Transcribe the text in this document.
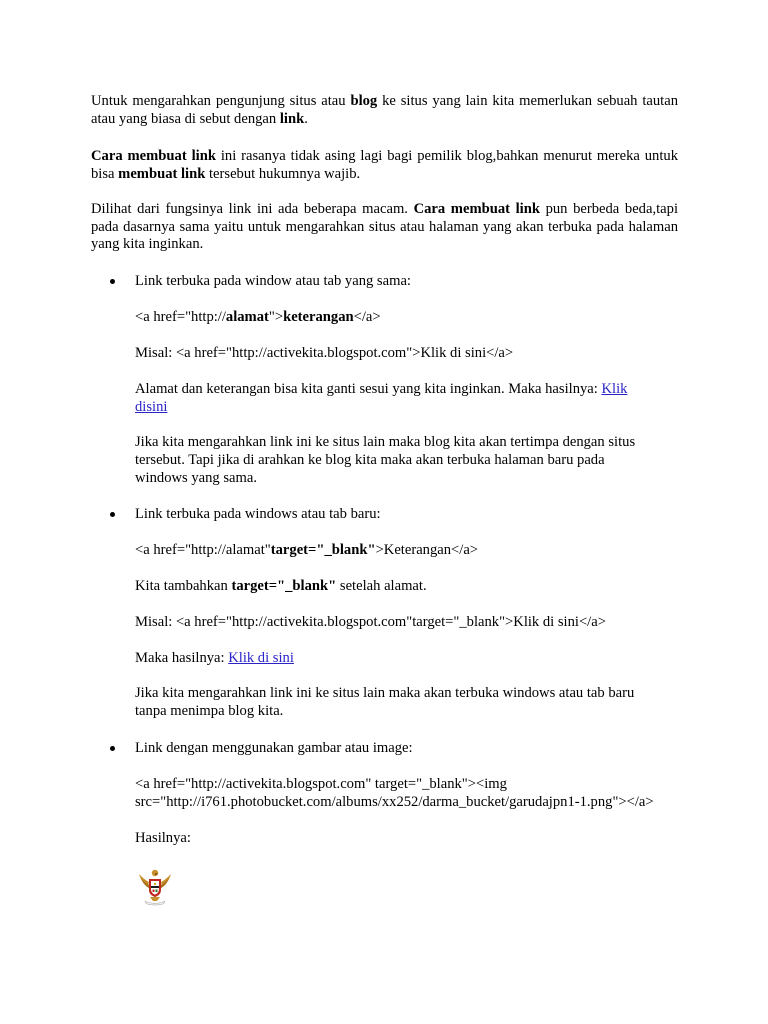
Untuk mengarahkan pengunjung situs atau blog ke situs yang lain kita memerlukan sebuah tautan atau yang biasa di sebut dengan link.

Cara membuat link ini rasanya tidak asing lagi bagi pemilik blog,bahkan menurut mereka untuk bisa membuat link tersebut hukumnya wajib.

Dilihat dari fungsinya link ini ada beberapa macam. Cara membuat link pun berbeda beda,tapi pada dasarnya sama yaitu untuk mengarahkan situs atau halaman yang akan terbuka pada halaman yang kita inginkan.

Link terbuka pada window atau tab yang sama:

<a href="http://alamat">keterangan</a>

Misal: <a href="http://activekita.blogspot.com">Klik di sini</a>

Alamat dan keterangan bisa kita ganti sesui yang kita inginkan. Maka hasilnya: Klik

disini

Jika kita mengarahkan link ini ke situs lain maka blog kita akan tertimpa dengan situs

tersebut. Tapi jika di arahkan ke blog kita maka akan terbuka halaman baru pada

windows yang sama.

Link terbuka pada windows atau tab baru:

<a href="http://alamat"target="_blank">Keterangan</a>

Kita tambahkan target="_blank" setelah alamat.

Misal: <a href="http://activekita.blogspot.com"target="_blank">Klik di sini</a>

Maka hasilnya: Klik di sini

Jika kita mengarahkan link ini ke situs lain maka akan terbuka windows atau tab baru

tanpa menimpa blog kita.

Link dengan menggunakan gambar atau image:

<a href="http://activekita.blogspot.com" target="_blank"><img

src="http://i761.photobucket.com/albums/xx252/darma_bucket/garudajpn1-1.png"></a>

Hasilnya:
